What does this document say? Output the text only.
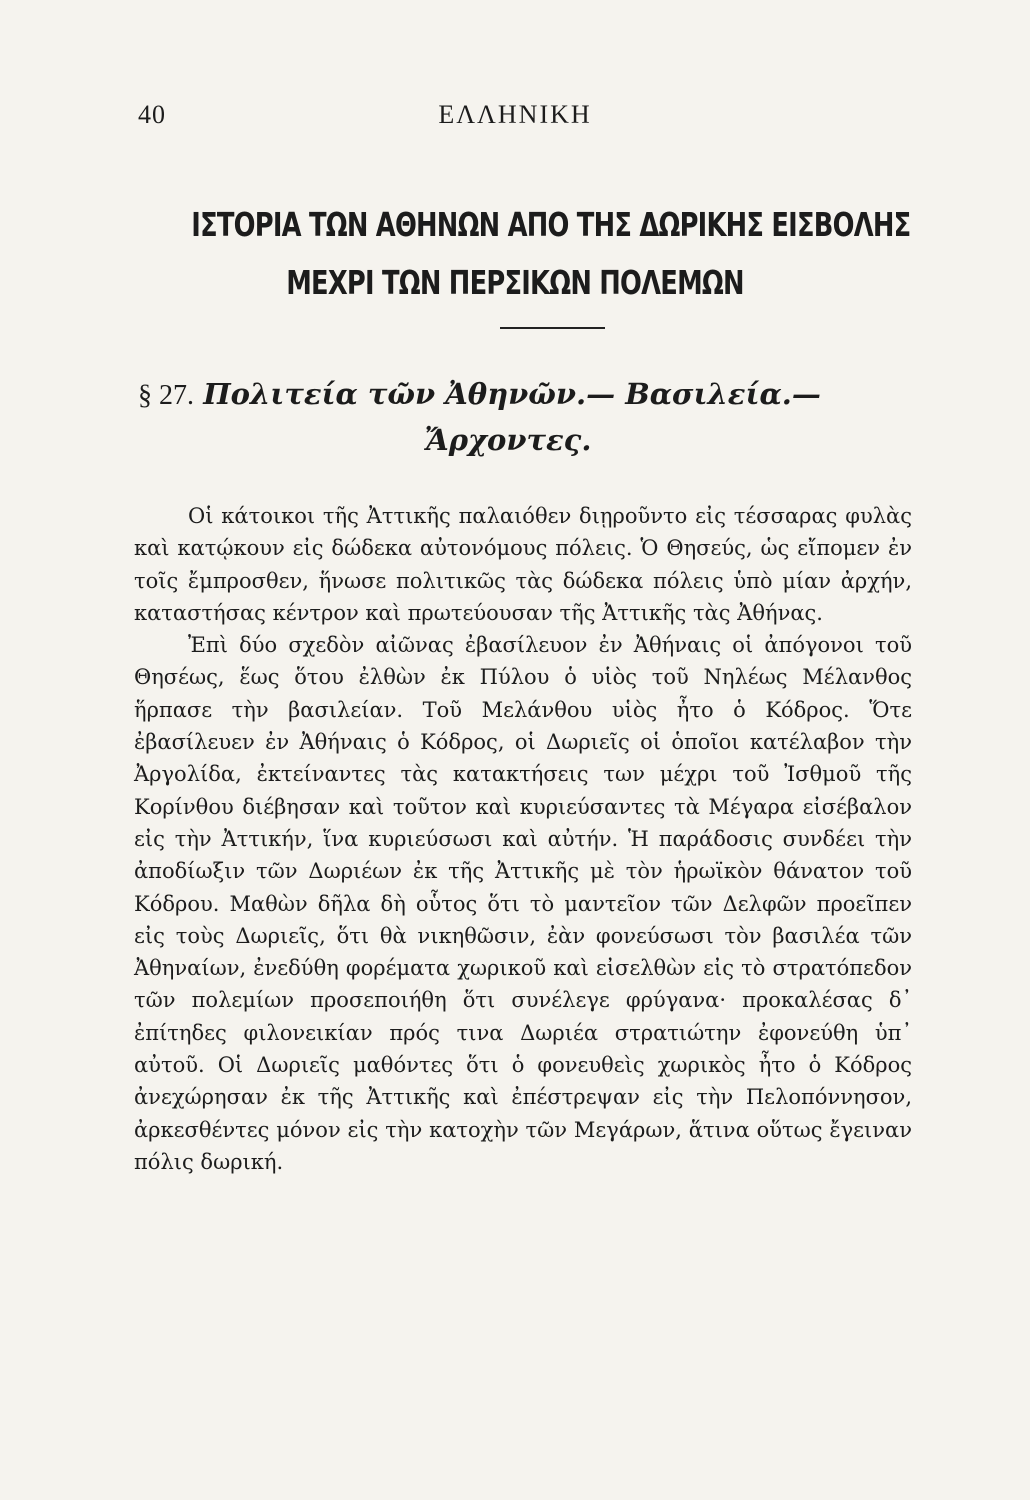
40	ΕΛΛΗΝΙΚΗ
ΙΣΤΟΡΙΑ ΤΩΝ ΑΘΗΝΩΝ ΑΠΟ ΤΗΣ ΔΩΡΙΚΗΣ ΕΙΣΒΟΛΗΣ
ΜΕΧΡΙ ΤΩΝ ΠΕΡΣΙΚΩΝ ΠΟΛΕΜΩΝ
§ 27. Πολιτεία τῶν Ἀθηνῶν.— Βασιλεία.—
Ἄρχοντες.

Οἱ κάτοικοι τῆς Ἀττικῆς παλαιόθεν διῃροῦντο εἰς τέσσαρας φυλὰς καὶ κατῴκουν εἰς δώδεκα αὐτονόμους πόλεις. Ὁ Θησεύς, ὡς εἴπομεν ἐν τοῖς ἔμπροσθεν, ἥνωσε πολιτικῶς τὰς δώδεκα πόλεις ὑπὸ μίαν ἀρχήν, καταστήσας κέντρον καὶ πρωτεύουσαν τῆς Ἀττικῆς τὰς Ἀθήνας.

Ἐπὶ δύο σχεδὸν αἰῶνας ἐβασίλευον ἐν Ἀθήναις οἱ ἀπόγονοι τοῦ Θησέως, ἕως ὅτου ἐλθὼν ἐκ Πύλου ὁ υἱὸς τοῦ Νηλέως Μέλανθος ἥρπασε τὴν βασιλείαν. Τοῦ Μελάνθου υἱὸς ἦτο ὁ Κόδρος. Ὅτε ἐβασίλευεν ἐν Ἀθήναις ὁ Κόδρος, οἱ Δωριεῖς οἱ ὁποῖοι κατέλαβον τὴν Ἀργολίδα, ἐκτείναντες τὰς κατακτήσεις των μέχρι τοῦ Ἰσθμοῦ τῆς Κορίνθου διέβησαν καὶ τοῦτον καὶ κυριεύσαντες τὰ Μέγαρα εἰσέβαλον εἰς τὴν Ἀττικήν, ἵνα κυριεύσωσι καὶ αὐτήν. Ἡ παράδοσις συνδέει τὴν ἀποδίωξιν τῶν Δωριέων ἐκ τῆς Ἀττικῆς μὲ τὸν ἡρωϊκὸν θάνατον τοῦ Κόδρου. Μαθὼν δῆλα δὴ οὗτος ὅτι τὸ μαντεῖον τῶν Δελφῶν προεῖπεν εἰς τοὺς Δωριεῖς, ὅτι θὰ νικηθῶσιν, ἐὰν φονεύσωσι τὸν βασιλέα τῶν Ἀθηναίων, ἐνεδύθη φορέματα χωρικοῦ καὶ εἰσελθὼν εἰς τὸ στρατόπεδον τῶν πολεμίων προσεποιήθη ὅτι συνέλεγε φρύγανα· προκαλέσας δ᾽ ἐπίτηδες φιλονεικίαν πρός τινα Δωριέα στρατιώτην ἐφονεύθη ὑπ᾽ αὐτοῦ. Οἱ Δωριεῖς μαθόντες ὅτι ὁ φονευθεὶς χωρικὸς ἦτο ὁ Κόδρος ἀνεχώρησαν ἐκ τῆς Ἀττικῆς καὶ ἐπέστρεψαν εἰς τὴν Πελοπόννησον, ἀρκεσθέντες μόνον εἰς τὴν κατοχὴν τῶν Μεγάρων, ἅτινα οὕτως ἔγειναν πόλις δωρική.
